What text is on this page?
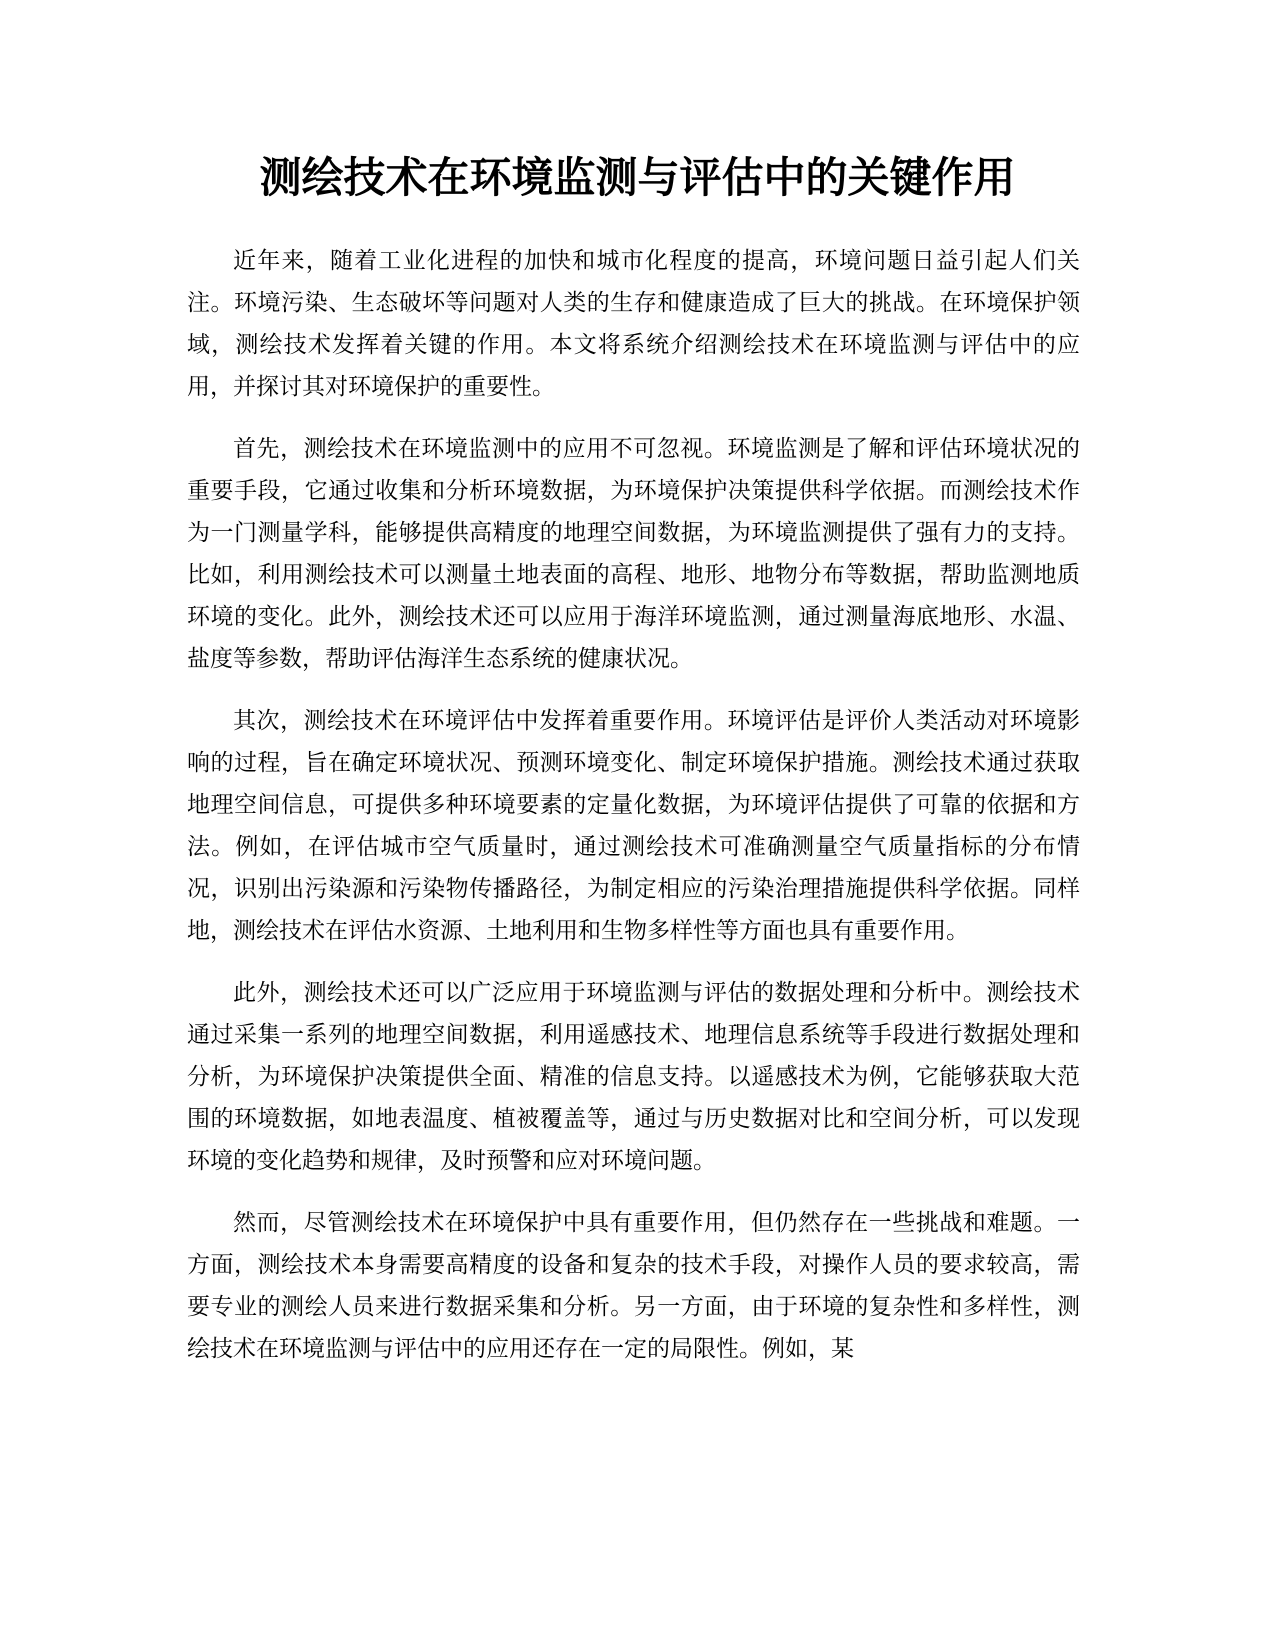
测绘技术在环境监测与评估中的关键作用

近年来，随着工业化进程的加快和城市化程度的提高，环境问题日益引起人们关注。环境污染、生态破坏等问题对人类的生存和健康造成了巨大的挑战。在环境保护领域，测绘技术发挥着关键的作用。本文将系统介绍测绘技术在环境监测与评估中的应用，并探讨其对环境保护的重要性。

首先，测绘技术在环境监测中的应用不可忽视。环境监测是了解和评估环境状况的重要手段，它通过收集和分析环境数据，为环境保护决策提供科学依据。而测绘技术作为一门测量学科，能够提供高精度的地理空间数据，为环境监测提供了强有力的支持。比如，利用测绘技术可以测量土地表面的高程、地形、地物分布等数据，帮助监测地质环境的变化。此外，测绘技术还可以应用于海洋环境监测，通过测量海底地形、水温、盐度等参数，帮助评估海洋生态系统的健康状况。

其次，测绘技术在环境评估中发挥着重要作用。环境评估是评价人类活动对环境影响的过程，旨在确定环境状况、预测环境变化、制定环境保护措施。测绘技术通过获取地理空间信息，可提供多种环境要素的定量化数据，为环境评估提供了可靠的依据和方法。例如，在评估城市空气质量时，通过测绘技术可准确测量空气质量指标的分布情况，识别出污染源和污染物传播路径，为制定相应的污染治理措施提供科学依据。同样地，测绘技术在评估水资源、土地利用和生物多样性等方面也具有重要作用。

此外，测绘技术还可以广泛应用于环境监测与评估的数据处理和分析中。测绘技术通过采集一系列的地理空间数据，利用遥感技术、地理信息系统等手段进行数据处理和分析，为环境保护决策提供全面、精准的信息支持。以遥感技术为例，它能够获取大范围的环境数据，如地表温度、植被覆盖等，通过与历史数据对比和空间分析，可以发现环境的变化趋势和规律，及时预警和应对环境问题。

然而，尽管测绘技术在环境保护中具有重要作用，但仍然存在一些挑战和难题。一方面，测绘技术本身需要高精度的设备和复杂的技术手段，对操作人员的要求较高，需要专业的测绘人员来进行数据采集和分析。另一方面，由于环境的复杂性和多样性，测绘技术在环境监测与评估中的应用还存在一定的局限性。例如，某
